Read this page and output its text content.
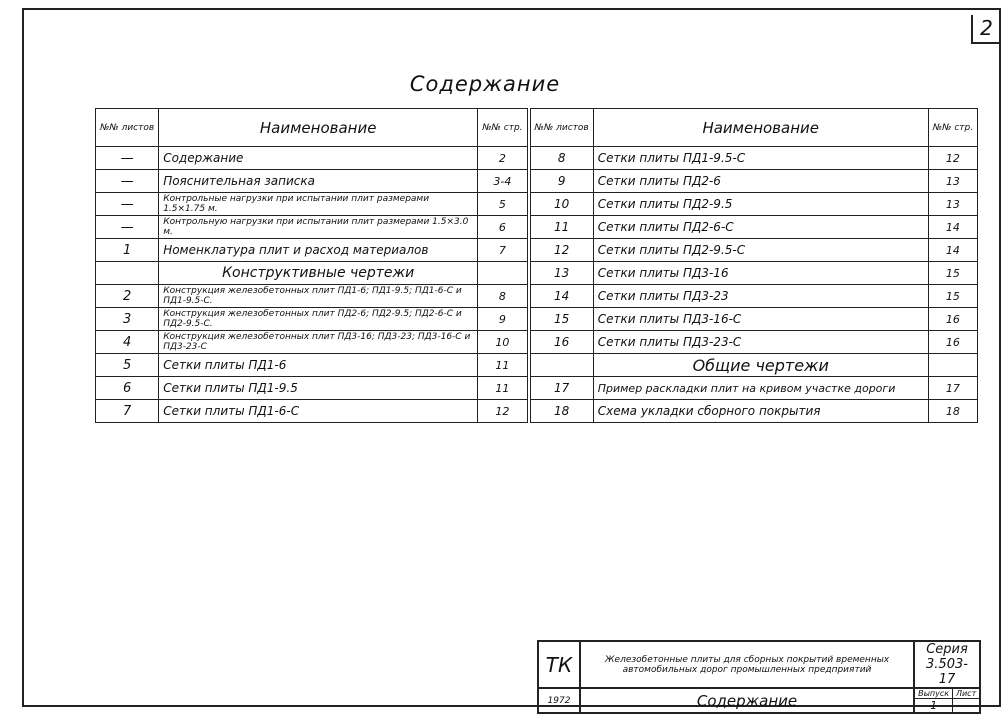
2
Содержание
№№ листов	Наименование	№№ стр.		№№ листов	Наименование	№№ стр.
—	Содержание	2		8	Сетки плиты ПД1-9.5-С	12
—	Пояснительная записка	3-4		9	Сетки плиты ПД2-6	13
—	Контрольные нагрузки при испытании плит размерами 1.5×1.75 м.	5		10	Сетки плиты ПД2-9.5	13
—	Контрольную нагрузки при испытании плит размерами 1.5×3.0 м.	6		11	Сетки плиты ПД2-6-С	14
1	Номенклатура плит и расход материалов	7		12	Сетки плиты ПД2-9.5-С	14
	Конструктивные чертежи			13	Сетки плиты ПД3-16	15
2	Конструкция железобетонных плит ПД1-6; ПД1-9.5; ПД1-6-С и ПД1-9.5-С.	8		14	Сетки плиты ПД3-23	15
3	Конструкция железобетонных плит ПД2-6; ПД2-9.5; ПД2-6-С и ПД2-9.5-С.	9		15	Сетки плиты ПД3-16-С	16
4	Конструкция железобетонных плит ПД3-16; ПД3-23; ПД3-16-С и ПД3-23-С	10		16	Сетки плиты ПД3-23-С	16
5	Сетки плиты ПД1-6	11			Общие чертежи	
6	Сетки плиты ПД1-9.5	11		17	Пример раскладки плит на кривом участке дороги	17
7	Сетки плиты ПД1-6-С	12		18	Схема укладки сборного покрытия	18
ТК	Железобетонные плиты для сборных покрытий временных автомобильных дорог промышленных предприятий	
Серия
3.503-17

1972	Содержание		Выпуск	Лист
1	—
